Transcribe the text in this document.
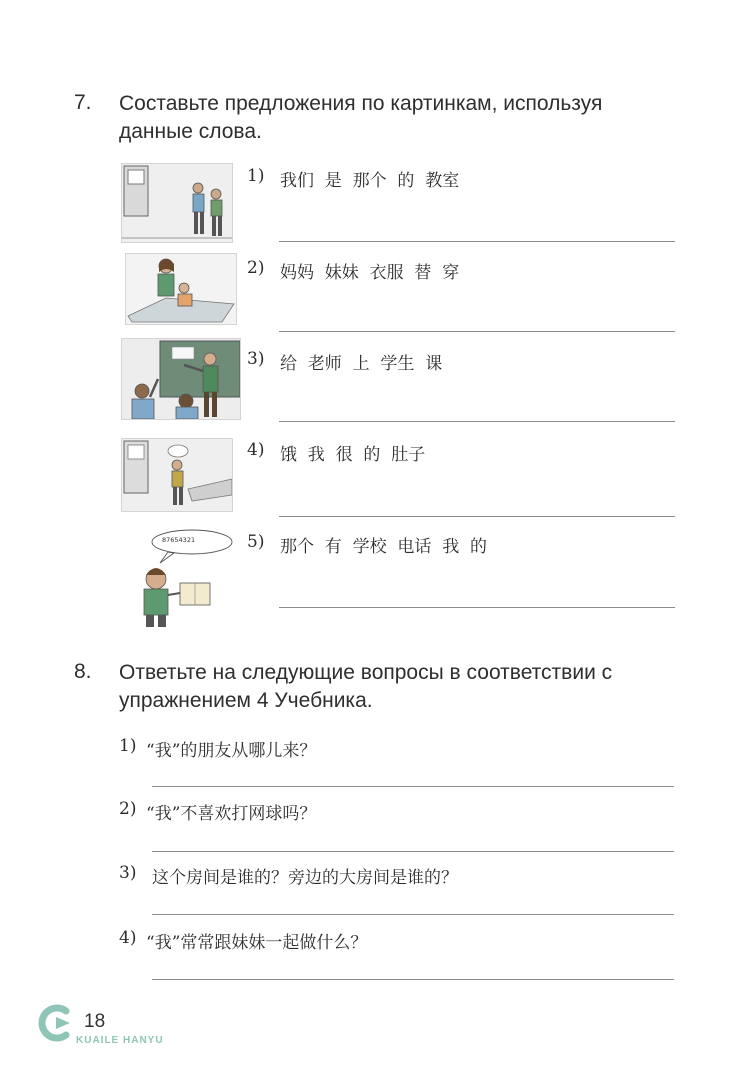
7. Составьте предложения по картинкам, используя
данные слова.
1) 我们  是  那个  的  教室
2) 妈妈  妹妹  衣服  替  穿
3) 给  老师  上  学生  课
4) 饿  我  很  的  肚子
87654321	5) 那个  有  学校  电话  我  的
8. Ответьте на следующие вопросы в соответствии с
упражнением 4 Учебника.
1) “我”的朋友从哪儿来？
2) “我”不喜欢打网球吗？
3) 这个房间是谁的？旁边的大房间是谁的？
4) “我”常常跟妹妹一起做什么？
18
KUAILE HANYU
